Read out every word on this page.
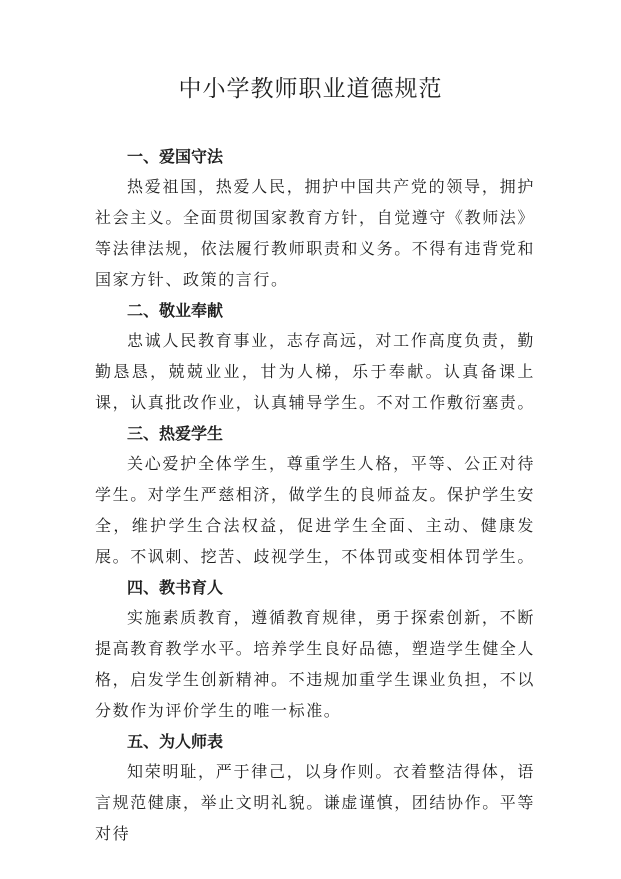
中小学教师职业道德规范

一、爱国守法

热爱祖国，热爱人民，拥护中国共产党的领导，拥护社会主义。全面贯彻国家教育方针，自觉遵守《教师法》等法律法规，依法履行教师职责和义务。不得有违背党和国家方针、政策的言行。

二、敬业奉献

忠诚人民教育事业，志存高远，对工作高度负责，勤勤恳恳，兢兢业业，甘为人梯，乐于奉献。认真备课上课，认真批改作业，认真辅导学生。不对工作敷衍塞责。

三、热爱学生

关心爱护全体学生，尊重学生人格，平等、公正对待学生。对学生严慈相济，做学生的良师益友。保护学生安全，维护学生合法权益，促进学生全面、主动、健康发展。不讽刺、挖苦、歧视学生，不体罚或变相体罚学生。

四、教书育人

实施素质教育，遵循教育规律，勇于探索创新，不断提高教育教学水平。培养学生良好品德，塑造学生健全人格，启发学生创新精神。不违规加重学生课业负担，不以分数作为评价学生的唯一标准。

五、为人师表

知荣明耻，严于律己，以身作则。衣着整洁得体，语言规范健康，举止文明礼貌。谦虚谨慎，团结协作。平等对待
